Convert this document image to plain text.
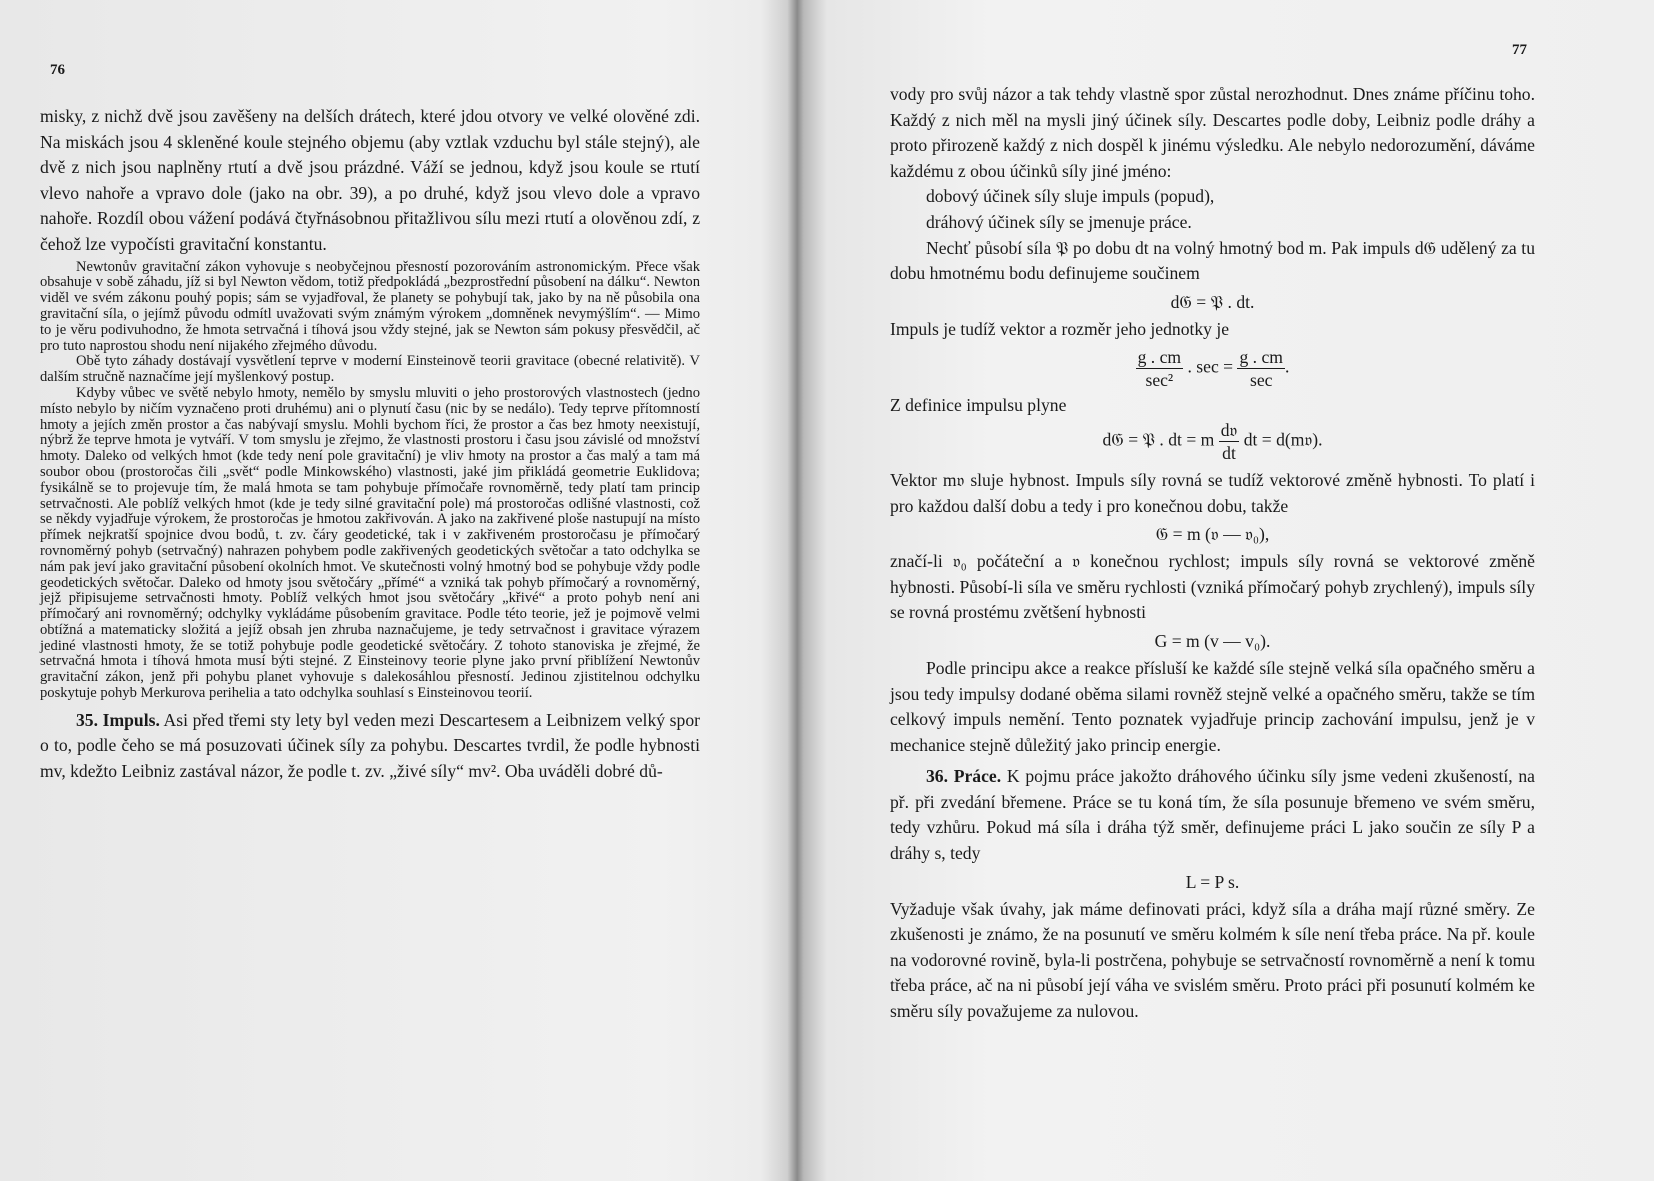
76

misky, z nichž dvě jsou zavěšeny na delších drátech, které jdou otvory ve velké olověné zdi. Na miskách jsou 4 skleněné koule stejného objemu (aby vztlak vzduchu byl stále stejný), ale dvě z nich jsou naplněny rtutí a dvě jsou prázdné. Váží se jednou, když jsou koule se rtutí vlevo nahoře a vpravo dole (jako na obr. 39), a po druhé, když jsou vlevo dole a vpravo nahoře. Rozdíl obou vážení podává čtyřnásobnou přitažlivou sílu mezi rtutí a olověnou zdí, z čehož lze vypočísti gravitační konstantu.

Newtonův gravitační zákon vyhovuje s neobyčejnou přesností pozorováním astronomickým. Přece však obsahuje v sobě záhadu, jíž si byl Newton vědom, totiž předpokládá „bezprostřední působení na dálku“. Newton viděl ve svém zákonu pouhý popis; sám se vyjadřoval, že planety se pohybují tak, jako by na ně působila ona gravitační síla, o jejímž původu odmítl uvažovati svým známým výrokem „domněnek nevymýšlím“. — Mimo to je věru podivuhodno, že hmota setrvačná i tíhová jsou vždy stejné, jak se Newton sám pokusy přesvědčil, ač pro tuto naprostou shodu není nijakého zřejmého důvodu.

Obě tyto záhady dostávají vysvětlení teprve v moderní Einsteinově teorii gravitace (obecné relativitě). V dalším stručně naznačíme její myšlenkový postup.

Kdyby vůbec ve světě nebylo hmoty, nemělo by smyslu mluviti o jeho prostorových vlastnostech (jedno místo nebylo by ničím vyznačeno proti druhému) ani o plynutí času (nic by se nedálo). Tedy teprve přítomností hmoty a jejích změn prostor a čas nabývají smyslu. Mohli bychom říci, že prostor a čas bez hmoty neexistují, nýbrž že teprve hmota je vytváří. V tom smyslu je zřejmo, že vlastnosti prostoru i času jsou závislé od množství hmoty. Daleko od velkých hmot (kde tedy není pole gravitační) je vliv hmoty na prostor a čas malý a tam má soubor obou (prostoročas čili „svět“ podle Minkowského) vlastnosti, jaké jim přikládá geometrie Euklidova; fysikálně se to projevuje tím, že malá hmota se tam pohybuje přímočaře rovnoměrně, tedy platí tam princip setrvačnosti. Ale poblíž velkých hmot (kde je tedy silné gravitační pole) má prostoročas odlišné vlastnosti, což se někdy vyjadřuje výrokem, že prostoročas je hmotou zakřivován. A jako na zakřivené ploše nastupují na místo přímek nejkratší spojnice dvou bodů, t. zv. čáry geodetické, tak i v zakřiveném prostoročasu je přímočarý rovnoměrný pohyb (setrvačný) nahrazen pohybem podle zakřivených geodetických světočar a tato odchylka se nám pak jeví jako gravitační působení okolních hmot. Ve skutečnosti volný hmotný bod se pohybuje vždy podle geodetických světočar. Daleko od hmoty jsou světočáry „přímé“ a vzniká tak pohyb přímočarý a rovnoměrný, jejž připisujeme setrvačnosti hmoty. Poblíž velkých hmot jsou světočáry „křivé“ a proto pohyb není ani přímočarý ani rovnoměrný; odchylky vykládáme působením gravitace. Podle této teorie, jež je pojmově velmi obtížná a matematicky složitá a jejíž obsah jen zhruba naznačujeme, je tedy setrvačnost i gravitace výrazem jediné vlastnosti hmoty, že se totiž pohybuje podle geodetické světočáry. Z tohoto stanoviska je zřejmé, že setrvačná hmota i tíhová hmota musí býti stejné. Z Einsteinovy teorie plyne jako první přiblížení Newtonův gravitační zákon, jenž při pohybu planet vyhovuje s dalekosáhlou přesností. Jedinou zjistitelnou odchylku poskytuje pohyb Merkurova perihelia a tato odchylka souhlasí s Einsteinovou teorií.

35. Impuls. Asi před třemi sty lety byl veden mezi Descartesem a Leibnizem velký spor o to, podle čeho se má posuzovati účinek síly za pohybu. Descartes tvrdil, že podle hybnosti mv, kdežto Leibniz zastával názor, že podle t. zv. „živé síly“ mv². Oba uváděli dobré dů-

77

vody pro svůj názor a tak tehdy vlastně spor zůstal nerozhodnut. Dnes známe příčinu toho. Každý z nich měl na mysli jiný účinek síly. Descartes podle doby, Leibniz podle dráhy a proto přirozeně každý z nich dospěl k jinému výsledku. Ale nebylo nedorozumění, dáváme každému z obou účinků síly jiné jméno:

dobový účinek síly sluje impuls (popud),

dráhový účinek síly se jmenuje práce.

Nechť působí síla 𝔓 po dobu dt na volný hmotný bod m. Pak impuls d𝔊 udělený za tu dobu hmotnému bodu definujeme součinem

d𝔊 = 𝔓 . dt.

Impuls je tudíž vektor a rozměr jeho jednotky je

$\frac{g . cm}{\text{sec²}}$ . $\sec = \frac{g . cm}{\sec}$ .

Z definice impulsu plyne

d𝔊 = 𝔓 . dt = m $\frac{\text{d𝔳}}{dt}$ dt = d(m𝔳).

Vektor m𝔳 sluje hybnost. Impuls síly rovná se tudíž vektorové změně hybnosti. To platí i pro každou další dobu a tedy i pro konečnou dobu, takže

𝔊 = m (𝔳 — 𝔳₀),

značí-li 𝔳₀ počáteční a 𝔳 konečnou rychlost; impuls síly rovná se vektorové změně hybnosti. Působí-li síla ve směru rychlosti (vzniká přímočarý pohyb zrychlený), impuls síly se rovná prostému zvětšení hybnosti

G = m (v — v₀).

Podle principu akce a reakce přísluší ke každé síle stejně velká síla opačného směru a jsou tedy impulsy dodané oběma silami rovněž stejně velké a opačného směru, takže se tím celkový impuls nemění. Tento poznatek vyjadřuje princip zachování impulsu, jenž je v mechanice stejně důležitý jako princip energie.

36. Práce. K pojmu práce jakožto dráhového účinku síly jsme vedeni zkušeností, na př. při zvedání břemene. Práce se tu koná tím, že síla posunuje břemeno ve svém směru, tedy vzhůru. Pokud má síla i dráha týž směr, definujeme práci L jako součin ze síly P a dráhy s, tedy

L = P s.

Vyžaduje však úvahy, jak máme definovati práci, když síla a dráha mají různé směry. Ze zkušenosti je známo, že na posunutí ve směru kolmém k síle není třeba práce. Na př. koule na vodorovné rovině, byla-li postrčena, pohybuje se setrvačností rovnoměrně a není k tomu třeba práce, ač na ni působí její váha ve svislém směru. Proto práci při posunutí kolmém ke směru síly považujeme za nulovou.
